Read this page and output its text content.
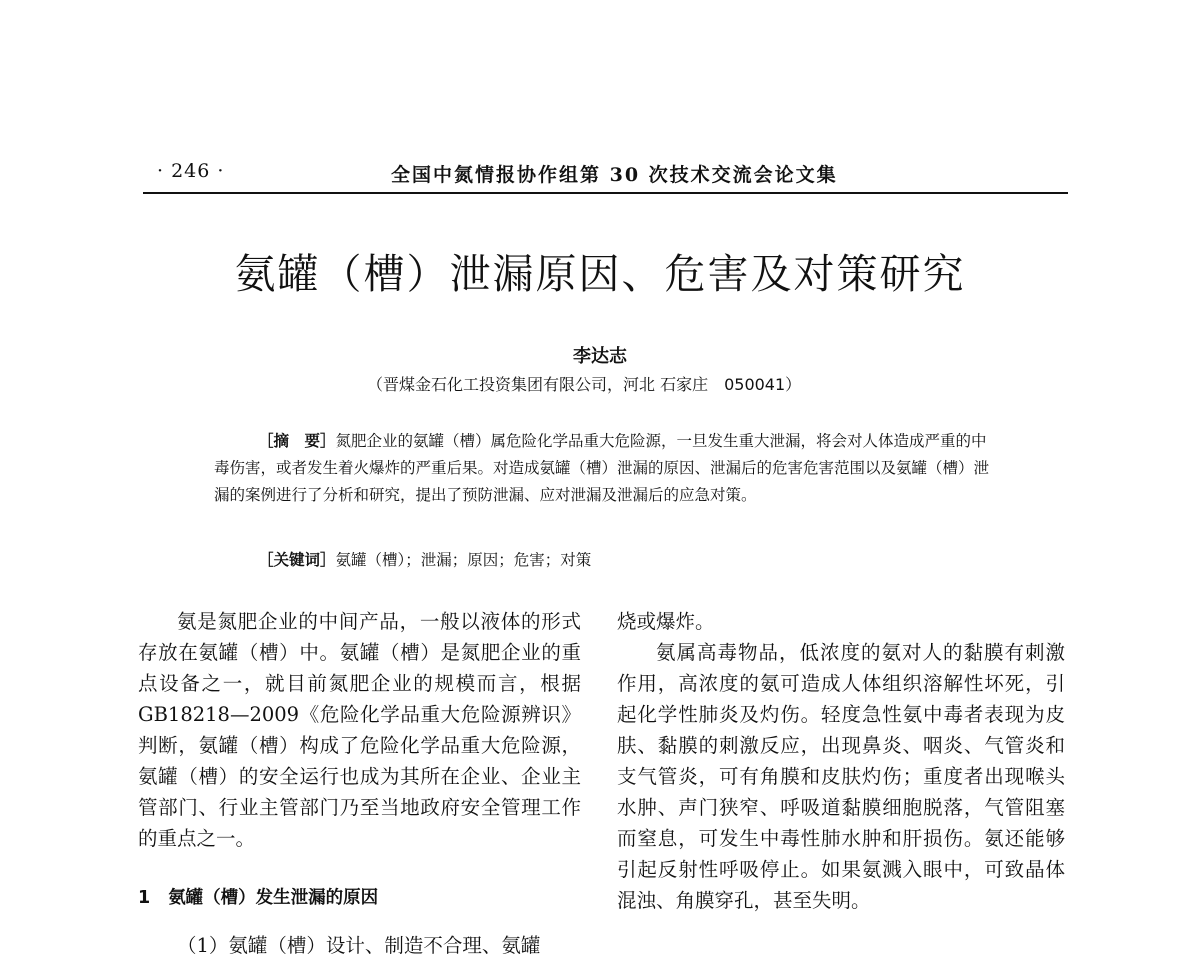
· 246 ·	全国中氮情报协作组第 30 次技术交流会论文集
氨罐（槽）泄漏原因、危害及对策研究
李达志
（晋煤金石化工投资集团有限公司，河北 石家庄　050041）

［摘　要］氮肥企业的氨罐（槽）属危险化学品重大危险源，一旦发生重大泄漏，将会对人体造成严重的中毒伤害，或者发生着火爆炸的严重后果。对造成氨罐（槽）泄漏的原因、泄漏后的危害危害范围以及氨罐（槽）泄漏的案例进行了分析和研究，提出了预防泄漏、应对泄漏及泄漏后的应急对策。

［关键词］氨罐（槽）；泄漏；原因；危害；对策

氨是氮肥企业的中间产品，一般以液体的形式存放在氨罐（槽）中。氨罐（槽）是氮肥企业的重点设备之一，就目前氮肥企业的规模而言，根据 GB18218—2009《危险化学品重大危险源辨识》判断，氨罐（槽）构成了危险化学品重大危险源，氨罐（槽）的安全运行也成为其所在企业、企业主管部门、行业主管部门乃至当地政府安全管理工作的重点之一。

1 氨罐（槽）发生泄漏的原因
（1）氨罐（槽）设计、制造不合理、氨罐

烧或爆炸。

氨属高毒物品，低浓度的氨对人的黏膜有刺激作用，高浓度的氨可造成人体组织溶解性坏死，引起化学性肺炎及灼伤。轻度急性氨中毒者表现为皮肤、黏膜的刺激反应，出现鼻炎、咽炎、气管炎和支气管炎，可有角膜和皮肤灼伤；重度者出现喉头水肿、声门狭窄、呼吸道黏膜细胞脱落，气管阻塞而窒息，可发生中毒性肺水肿和肝损伤。氨还能够引起反射性呼吸停止。如果氨溅入眼中，可致晶体混浊、角膜穿孔，甚至失明。
